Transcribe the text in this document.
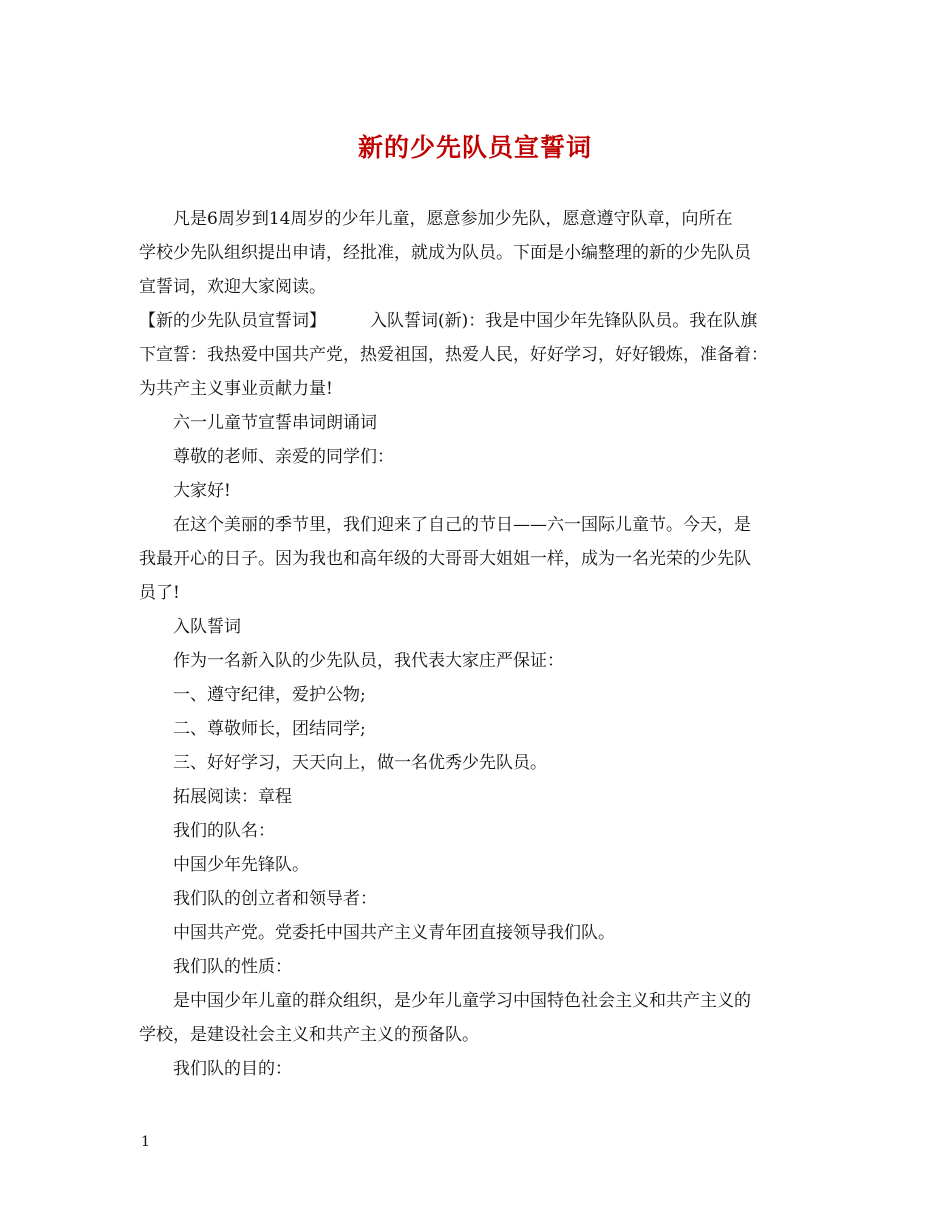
新的少先队员宣誓词

凡是6周岁到14周岁的少年儿童，愿意参加少先队，愿意遵守队章，向所在

学校少先队组织提出申请，经批准，就成为队员。下面是小编整理的新的少先队员

宣誓词，欢迎大家阅读。

【新的少先队员宣誓词】	入队誓词(新)：我是中国少年先锋队队员。我在队旗

下宣誓：我热爱中国共产党，热爱祖国，热爱人民，好好学习，好好锻炼，准备着：

为共产主义事业贡献力量!

六一儿童节宣誓串词朗诵词

尊敬的老师、亲爱的同学们：

大家好!

在这个美丽的季节里，我们迎来了自己的节日——六一国际儿童节。今天，是

我最开心的日子。因为我也和高年级的大哥哥大姐姐一样，成为一名光荣的少先队

员了!

入队誓词

作为一名新入队的少先队员，我代表大家庄严保证：

一、遵守纪律，爱护公物;

二、尊敬师长，团结同学;

三、好好学习，天天向上，做一名优秀少先队员。

拓展阅读：章程

我们的队名：

中国少年先锋队。

我们队的创立者和领导者：

中国共产党。党委托中国共产主义青年团直接领导我们队。

我们队的性质：

是中国少年儿童的群众组织，是少年儿童学习中国特色社会主义和共产主义的

学校，是建设社会主义和共产主义的预备队。

我们队的目的：

1
